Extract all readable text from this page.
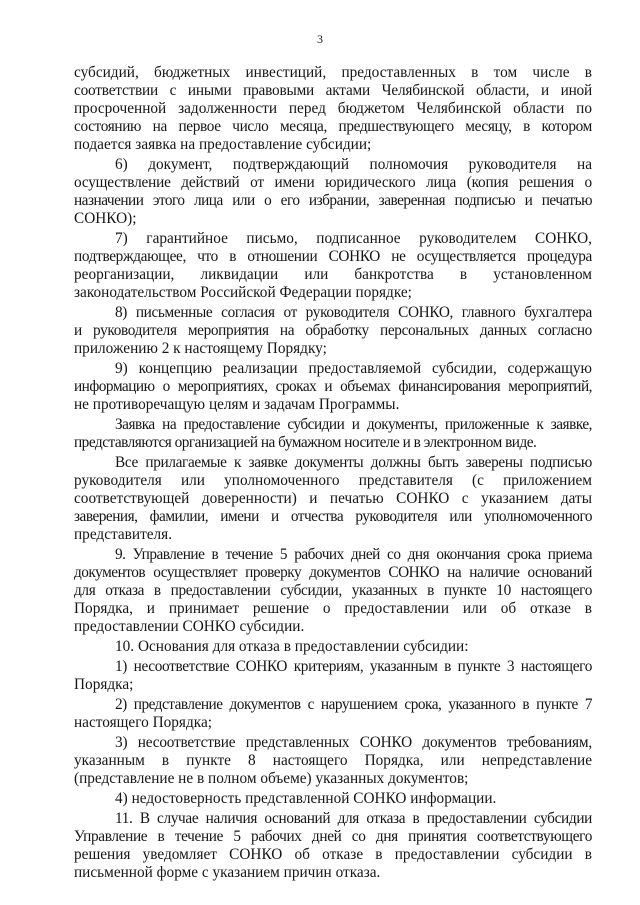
3
субсидий, бюджетных инвестиций, предоставленных в том числе в
соответствии с иными правовыми актами Челябинской области, и иной
просроченной задолженности перед бюджетом Челябинской области по
состоянию на первое число месяца, предшествующего месяцу, в котором
подается заявка на предоставление субсидии;
6) документ, подтверждающий полномочия руководителя на
осуществление действий от имени юридического лица (копия решения о
назначении этого лица или о его избрании, заверенная подписью и печатью
СОНКО);
7) гарантийное письмо, подписанное руководителем СОНКО,
подтверждающее, что в отношении СОНКО не осуществляется процедура
реорганизации, ликвидации или банкротства в установленном
законодательством Российской Федерации порядке;
8) письменные согласия от руководителя СОНКО, главного бухгалтера
и руководителя мероприятия на обработку персональных данных согласно
приложению 2 к настоящему Порядку;
9) концепцию реализации предоставляемой субсидии, содержащую
информацию о мероприятиях, сроках и объемах финансирования мероприятий,
не противоречащую целям и задачам Программы.
Заявка на предоставление субсидии и документы, приложенные к заявке,
представляются организацией на бумажном носителе и в электронном виде.
Все прилагаемые к заявке документы должны быть заверены подписью
руководителя или уполномоченного представителя (с приложением
соответствующей доверенности) и печатью СОНКО с указанием даты
заверения, фамилии, имени и отчества руководителя или уполномоченного
представителя.
9. Управление в течение 5 рабочих дней со дня окончания срока приема
документов осуществляет проверку документов СОНКО на наличие оснований
для отказа в предоставлении субсидии, указанных в пункте 10 настоящего
Порядка, и принимает решение о предоставлении или об отказе в
предоставлении СОНКО субсидии.
10. Основания для отказа в предоставлении субсидии:
1) несоответствие СОНКО критериям, указанным в пункте 3 настоящего
Порядка;
2) представление документов с нарушением срока, указанного в пункте 7
настоящего Порядка;
3) несоответствие представленных СОНКО документов требованиям,
указанным в пункте 8 настоящего Порядка, или непредставление
(представление не в полном объеме) указанных документов;
4) недостоверность представленной СОНКО информации.
11. В случае наличия оснований для отказа в предоставлении субсидии
Управление в течение 5 рабочих дней со дня принятия соответствующего
решения уведомляет СОНКО об отказе в предоставлении субсидии в
письменной форме с указанием причин отказа.
